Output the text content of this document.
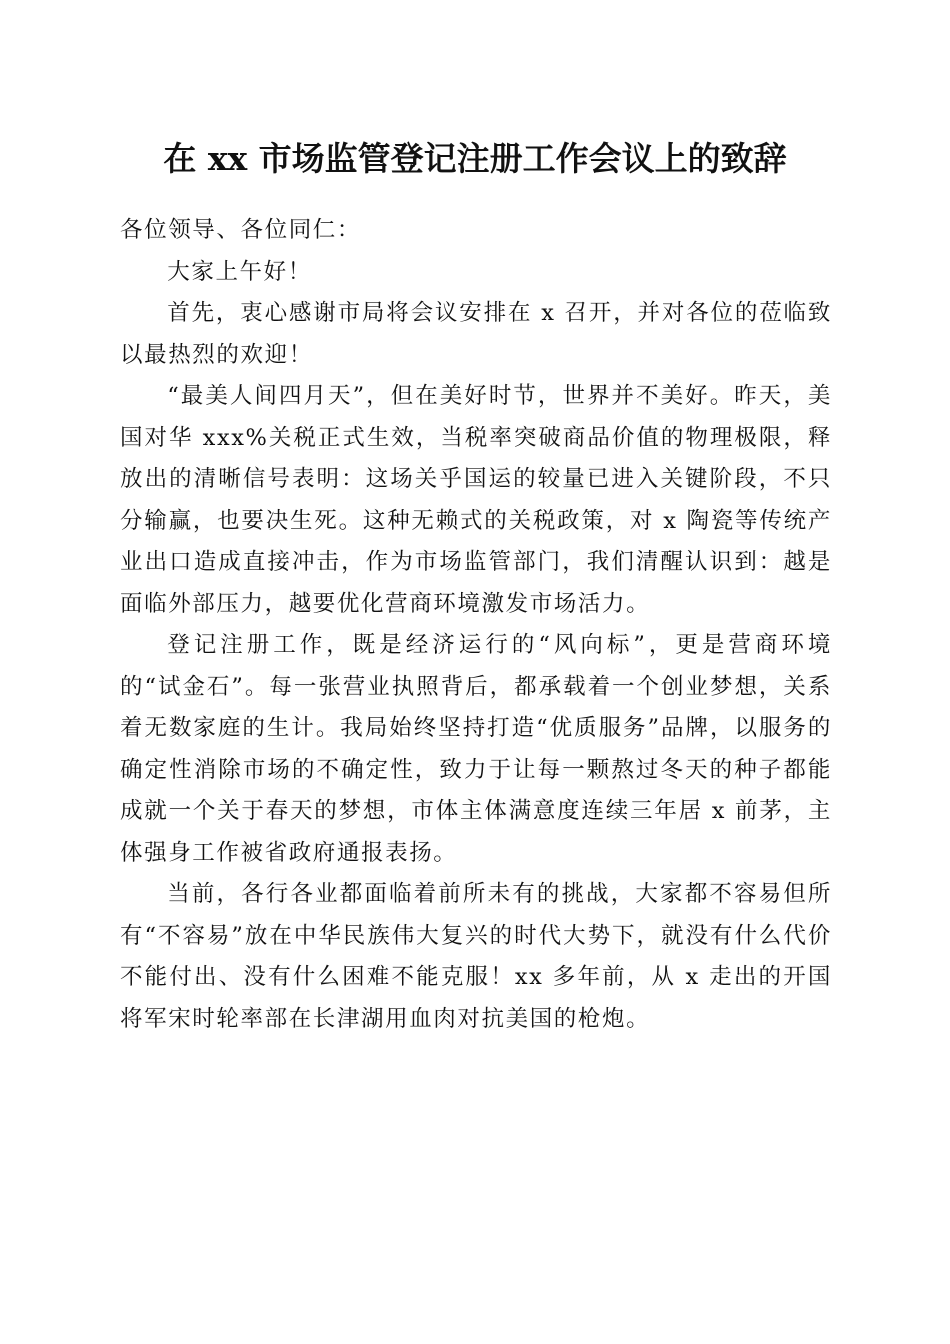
在 xx 市场监管登记注册工作会议上的致辞

各位领导、各位同仁：

大家上午好！

首先，衷心感谢市局将会议安排在 x 召开，并对各位的莅临致以最热烈的欢迎！

“最美人间四月天”，但在美好时节，世界并不美好。昨天，美国对华 xxx%关税正式生效，当税率突破商品价值的物理极限，释放出的清晰信号表明：这场关乎国运的较量已进入关键阶段，不只分输赢，也要决生死。这种无赖式的关税政策，对 x 陶瓷等传统产业出口造成直接冲击，作为市场监管部门，我们清醒认识到：越是面临外部压力，越要优化营商环境激发市场活力。

登记注册工作，既是经济运行的“风向标”，更是营商环境的“试金石”。每一张营业执照背后，都承载着一个创业梦想，关系着无数家庭的生计。我局始终坚持打造“优质服务”品牌，以服务的确定性消除市场的不确定性，致力于让每一颗熬过冬天的种子都能成就一个关于春天的梦想，市体主体满意度连续三年居 x 前茅，主体强身工作被省政府通报表扬。

当前，各行各业都面临着前所未有的挑战，大家都不容易但所有“不容易”放在中华民族伟大复兴的时代大势下，就没有什么代价不能付出、没有什么困难不能克服！xx 多年前，从 x 走出的开国将军宋时轮率部在长津湖用血肉对抗美国的枪炮。
